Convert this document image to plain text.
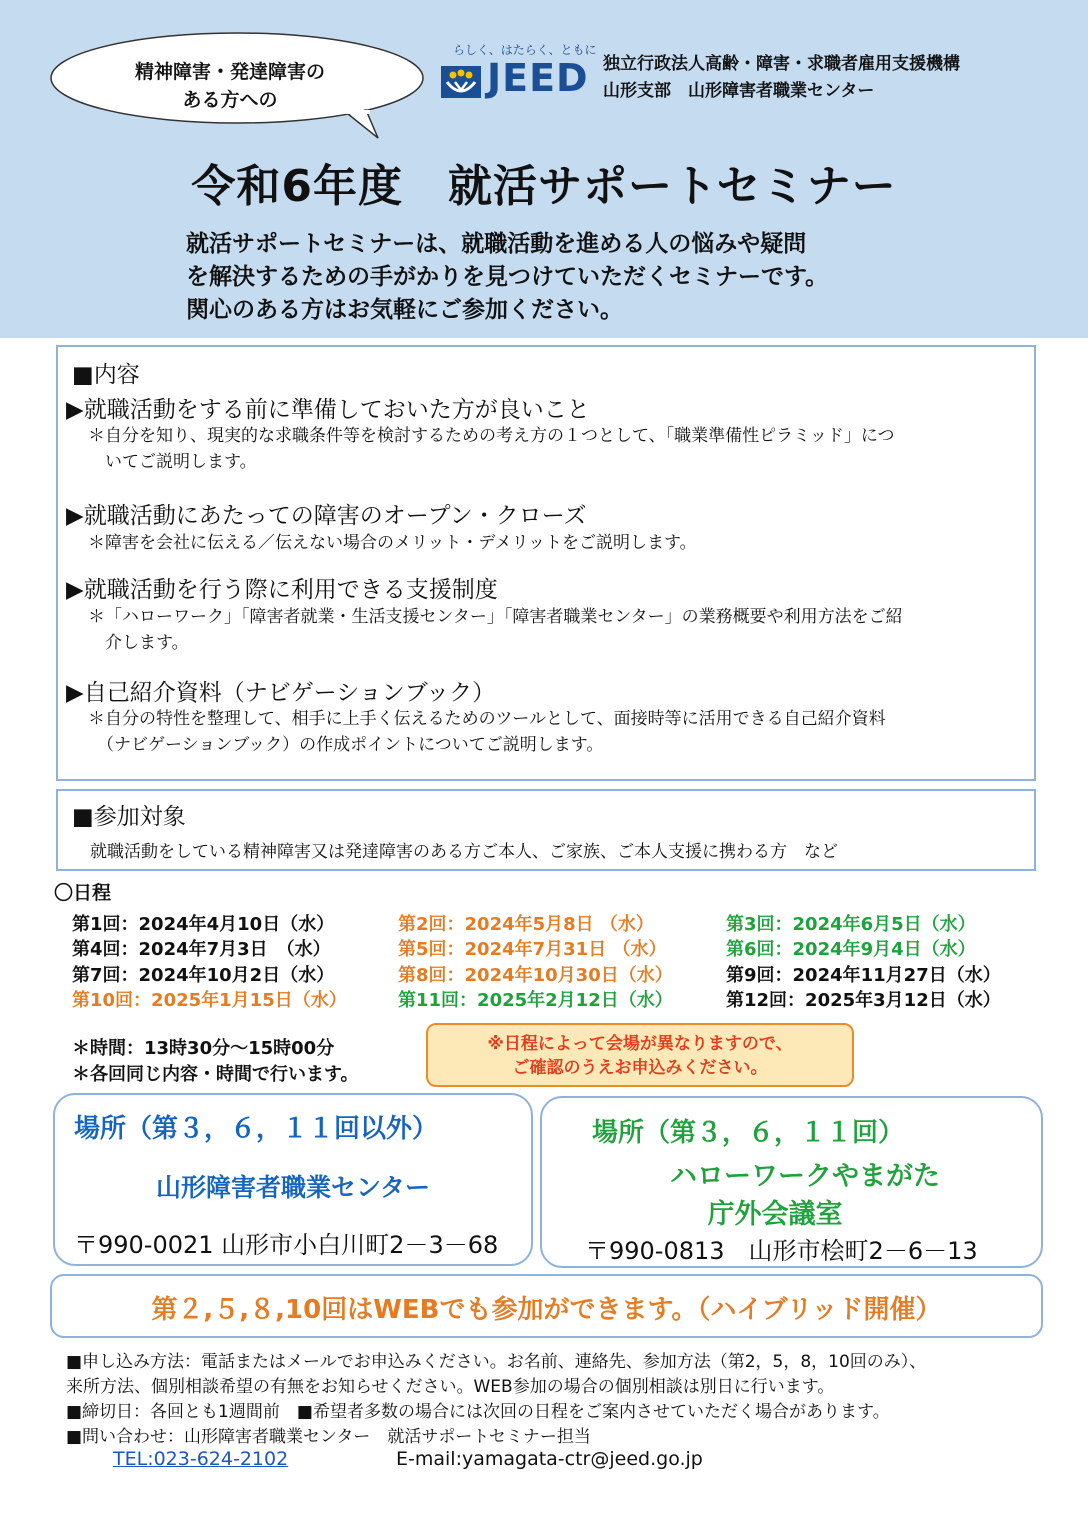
精神障害・発達障害の
ある方への
らしく、はたらく、ともに
JEED 独立行政法人高齢・障害・求職者雇用支援機構
山形支部　山形障害者職業センター
令和6年度　就活サポートセミナー
就活サポートセミナーは、就職活動を進める人の悩みや疑問
を解決するための手がかりを見つけていただくセミナーです。
関心のある方はお気軽にご参加ください。
■内容
▶就職活動をする前に準備しておいた方が良いこと
＊自分を知り、現実的な求職条件等を検討するための考え方の１つとして、「職業準備性ピラミッド」につ
いてご説明します。
▶就職活動にあたっての障害のオープン・クローズ
＊障害を会社に伝える／伝えない場合のメリット・デメリットをご説明します。
▶就職活動を行う際に利用できる支援制度
＊「ハローワーク」「障害者就業・生活支援センター」「障害者職業センター」の業務概要や利用方法をご紹
介します。
▶自己紹介資料（ナビゲーションブック）
＊自分の特性を整理して、相手に上手く伝えるためのツールとして、面接時等に活用できる自己紹介資料
（ナビゲーションブック）の作成ポイントについてご説明します。
■参加対象
就職活動をしている精神障害又は発達障害のある方ご本人、ご家族、ご本人支援に携わる方　など
〇日程
第1回：2024年4月10日（水）	第2回：2024年5月8日 （水）	第3回：2024年6月5日（水）
第4回：2024年7月3日　（水）	第5回：2024年7月31日 （水）	第6回：2024年9月4日（水）
第7回：2024年10月2日（水）	第8回：2024年10月30日（水）	第9回：2024年11月27日（水）
第10回：2025年1月15日（水）	第11回：2025年2月12日（水）	第12回：2025年3月12日（水）
＊時間：13時30分～15時00分
＊各回同じ内容・時間で行います。
※日程によって会場が異なりますので、
ご確認のうえお申込みください。
場所（第３，６，１１回以外）
山形障害者職業センター
〒990-0021 山形市小白川町2－3－68
場所（第３，６，１１回）
ハローワークやまがた
庁外会議室
〒990-0813　山形市桧町2－6－13
第２,５,８,10回はWEBでも参加ができます。（ハイブリッド開催）
■申し込み方法：電話またはメールでお申込みください。お名前、連絡先、参加方法（第2，5，8，10回のみ）、
来所方法、個別相談希望の有無をお知らせください。WEB参加の場合の個別相談は別日に行います。
■締切日：各回とも1週間前　■希望者多数の場合には次回の日程をご案内させていただく場合があります。
■問い合わせ：山形障害者職業センター　就活サポートセミナー担当
TEL:023-624-2102	E-mail:yamagata-ctr@jeed.go.jp
